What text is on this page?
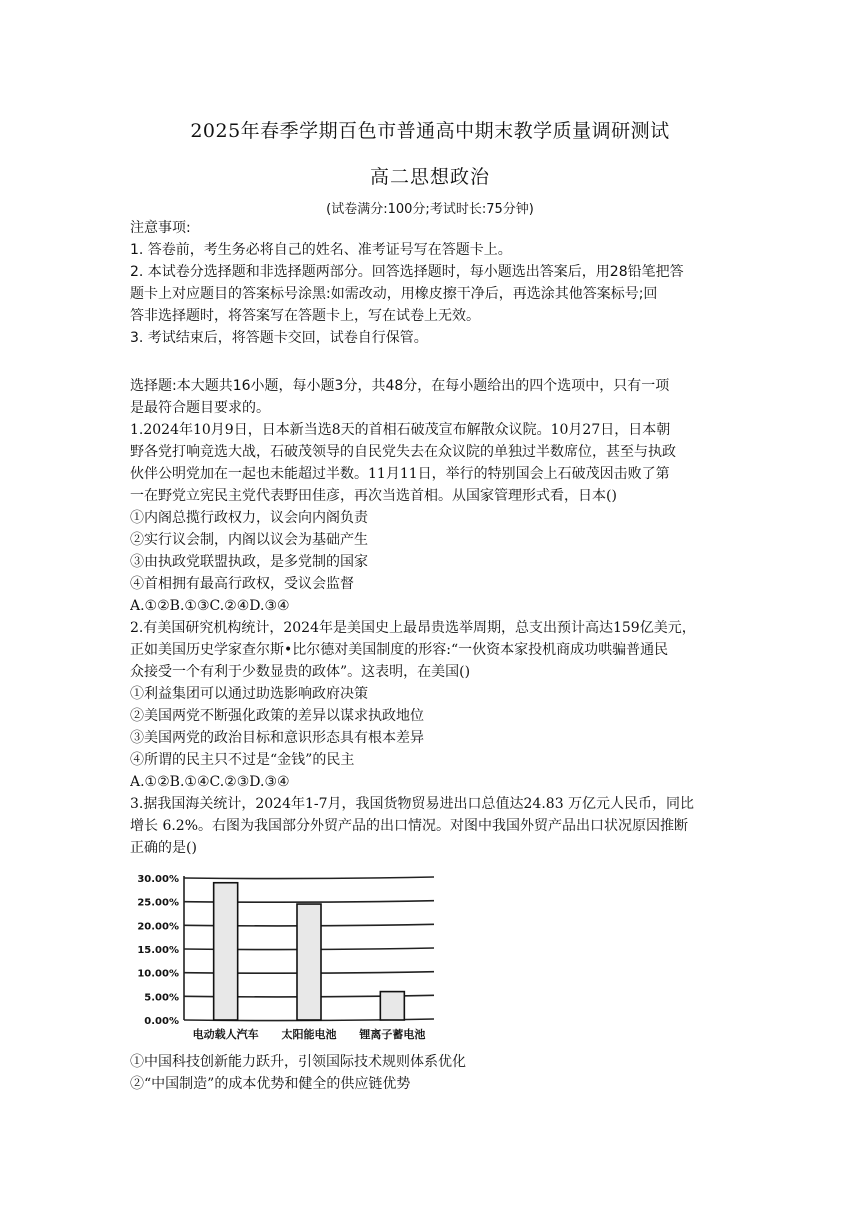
2025年春季学期百色市普通高中期末教学质量调研测试
高二思想政治
(试卷满分:100分;考试时长:75分钟)
注意事项:
1. 答卷前，考生务必将自己的姓名、准考证号写在答题卡上。
2. 本试卷分选择题和非选择题两部分。回答选择题时，每小题选出答案后，用28铅笔把答
题卡上对应题目的答案标号涂黑:如需改动，用橡皮擦干净后，再选涂其他答案标号;回
答非选择题时，将答案写在答题卡上，写在试卷上无效。
3. 考试结束后，将答题卡交回，试卷自行保管。
选择题:本大题共16小题，每小题3分，共48分，在每小题给出的四个选项中，只有一项
是最符合题目要求的。
1.2024年10月9日，日本新当选8天的首相石破茂宣布解散众议院。10月27日，日本朝
野各党打响竞选大战，石破茂领导的自民党失去在众议院的单独过半数席位，甚至与执政
伙伴公明党加在一起也未能超过半数。11月11日，举行的特别国会上石破茂因击败了第
一在野党立宪民主党代表野田佳彦，再次当选首相。从国家管理形式看，日本()
①内阁总揽行政权力，议会向内阁负责
②实行议会制，内阁以议会为基础产生
③由执政党联盟执政，是多党制的国家
④首相拥有最高行政权，受议会监督
A.①②B.①③C.②④D.③④
2.有美国研究机构统计，2024年是美国史上最昂贵选举周期，总支出预计高达159亿美元，
正如美国历史学家查尔斯•比尔德对美国制度的形容:“一伙资本家投机商成功哄骗普通民
众接受一个有利于少数显贵的政体”。这表明，在美国()
①利益集团可以通过助选影响政府决策
②美国两党不断强化政策的差异以谋求执政地位
③美国两党的政治目标和意识形态具有根本差异
④所谓的民主只不过是“金钱”的民主
A.①②B.①④C.②③D.③④
3.据我国海关统计，2024年1-7月，我国货物贸易进出口总值达24.83 万亿元人民币，同比
增长 6.2%。右图为我国部分外贸产品的出口情况。对图中我国外贸产品出口状况原因推断
正确的是()
0.00%
5.00%
10.00%
15.00%
20.00%
25.00%
30.00%
电动载人汽车 太阳能电池 锂离子蓄电池
①中国科技创新能力跃升，引领国际技术规则体系优化
②“中国制造”的成本优势和健全的供应链优势
